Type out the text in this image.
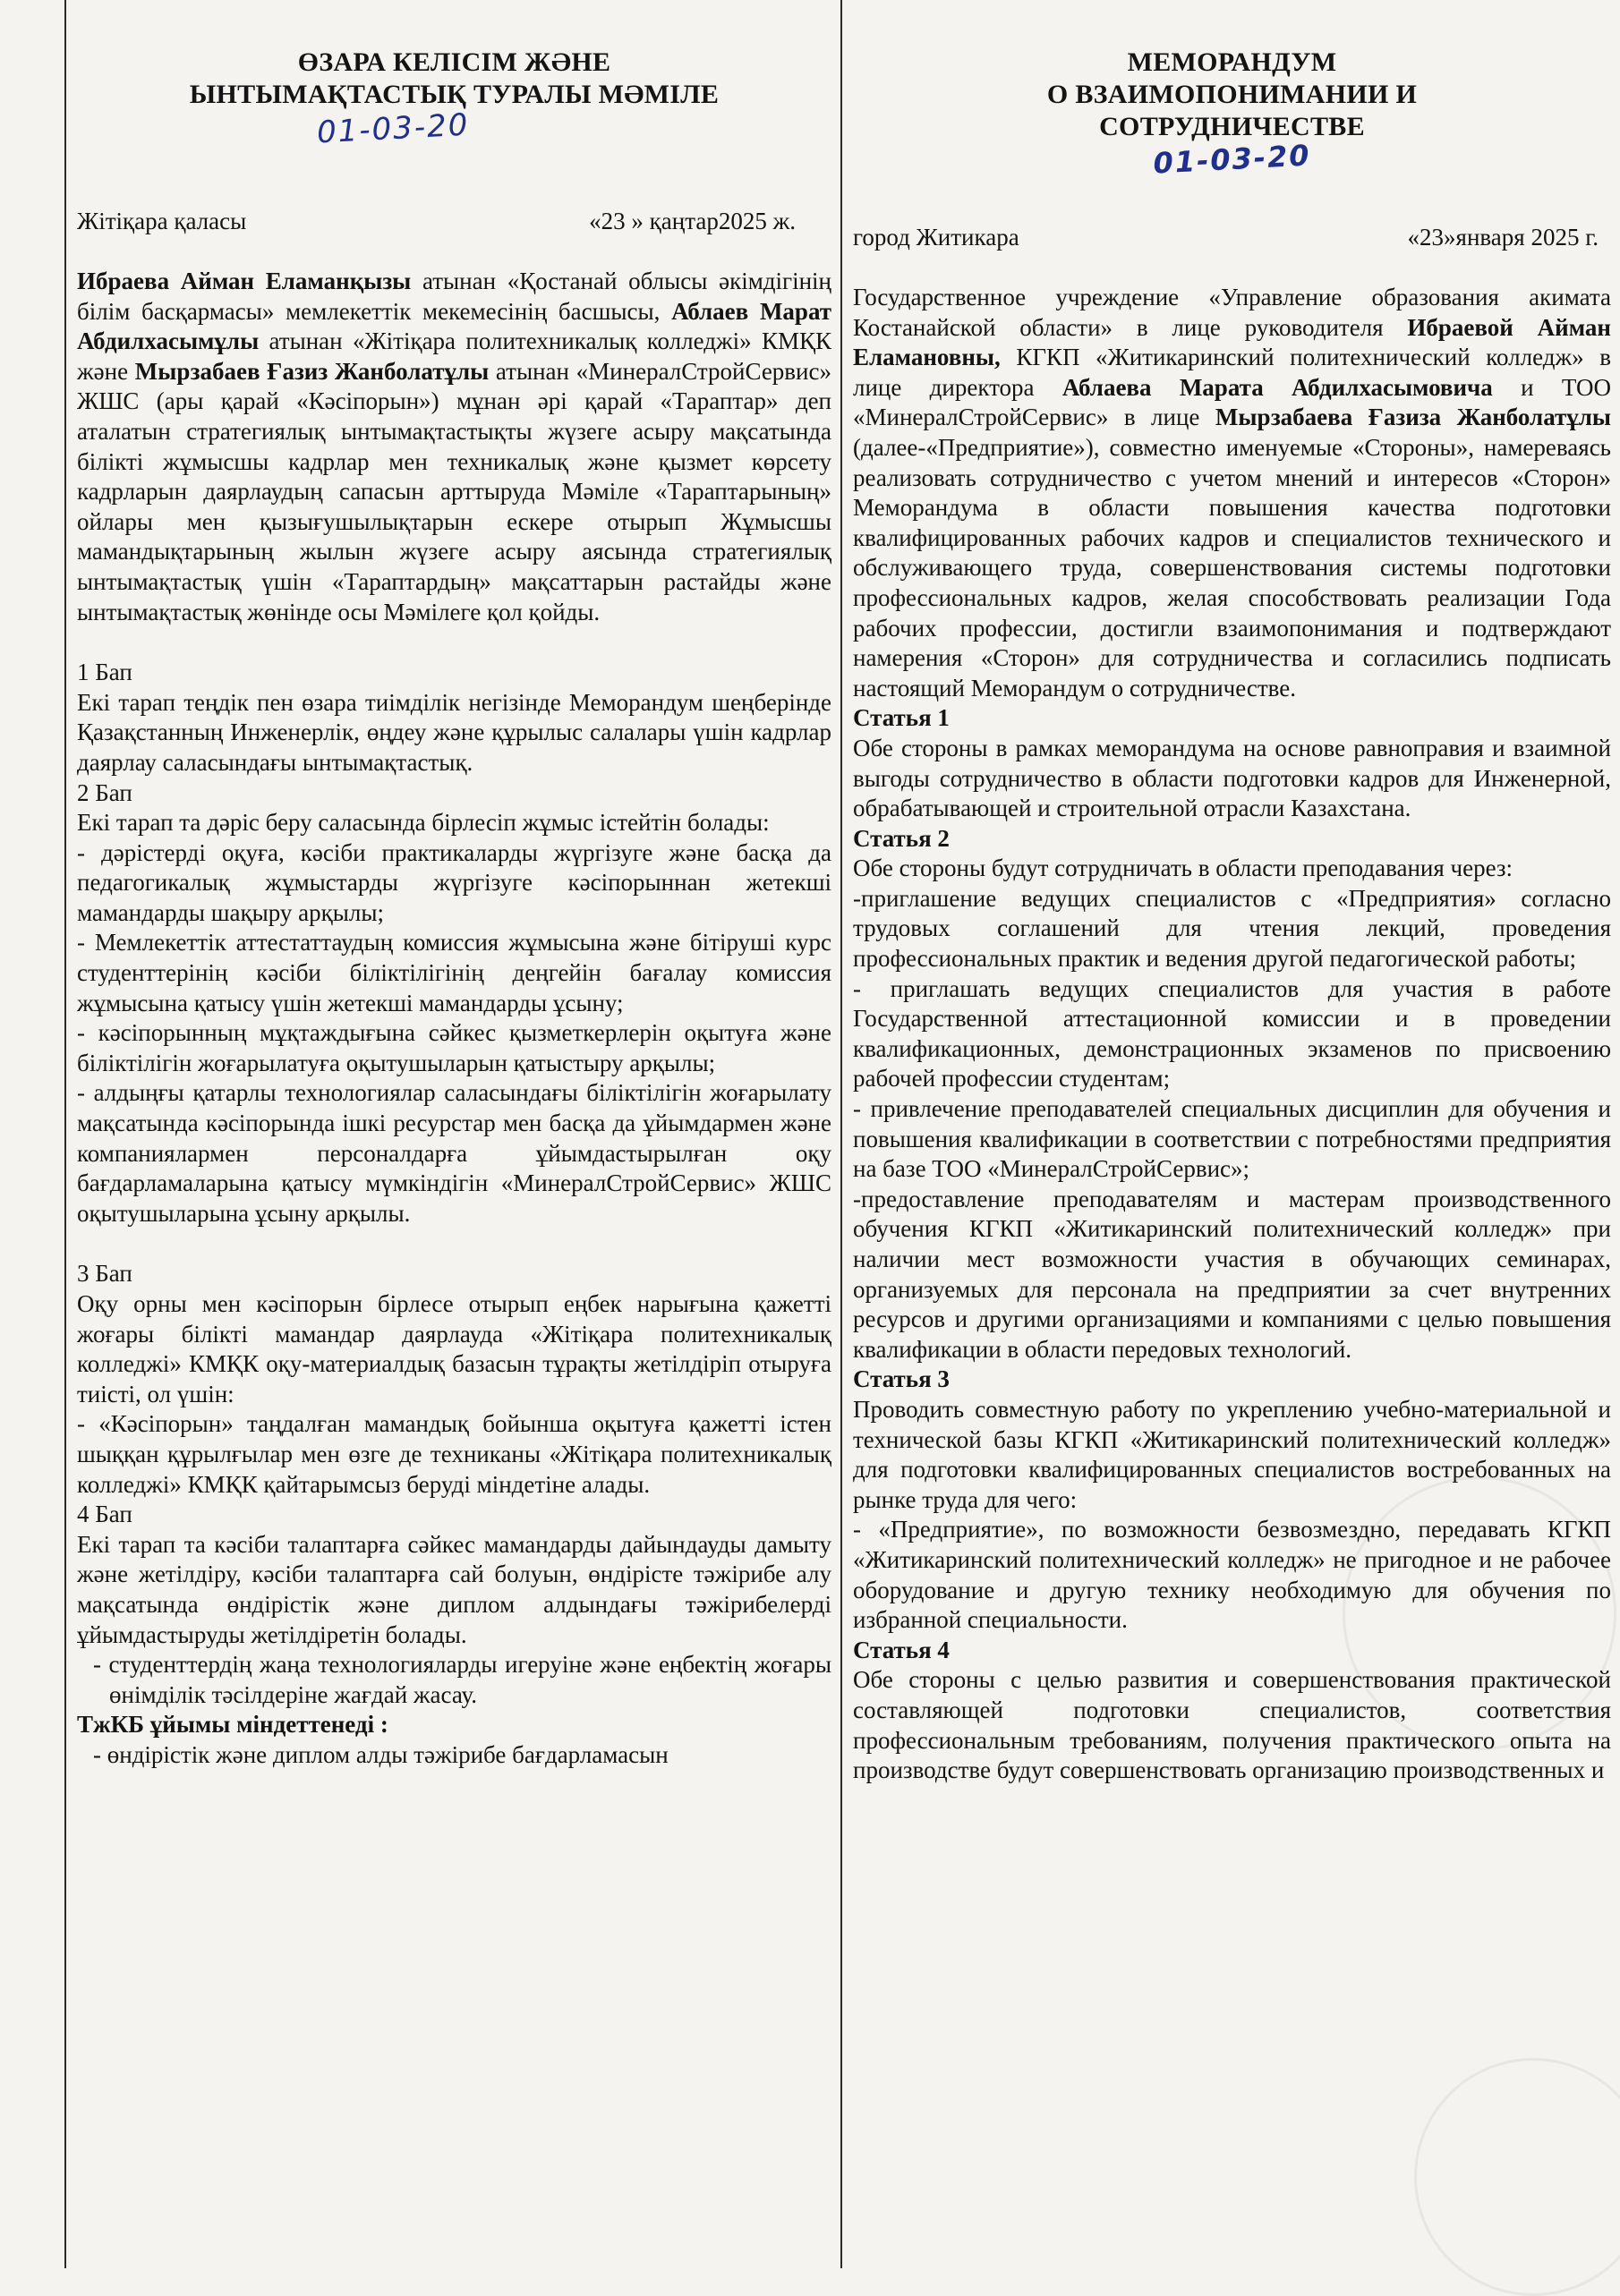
ӨЗАРА КЕЛІСІМ ЖӘНЕ
ЫНТЫМАҚТАСТЫҚ ТУРАЛЫ МӘМІЛЕ
01-03-20
Жітіқара қаласы	«23 » қаңтар2025 ж.

Ибраева Айман Еламанқызы атынан «Қостанай облысы әкімдігінің білім басқармасы» мемлекеттік мекемесінің басшысы, Аблаев Марат Абдилхасымұлы атынан «Жітіқара политехникалық колледжі» КМҚК және Мырзабаев Ғазиз Жанболатұлы атынан «МинералСтройСервис» ЖШС (ары қарай «Кәсіпорын») мұнан әрі қарай «Тараптар» деп аталатын стратегиялық ынтымақтастықты жүзеге асыру мақсатында білікті жұмысшы кадрлар мен техникалық және қызмет көрсету кадрларын даярлаудың сапасын арттыруда Мәміле «Тараптарының» ойлары мен қызығушылықтарын ескере отырып Жұмысшы мамандықтарының жылын жүзеге асыру аясында стратегиялық ынтымақтастық үшін «Тараптардың» мақсаттарын растайды және ынтымақтастық жөнінде осы Мәмілеге қол қойды.

1 Бап

Екі тарап теңдік пен өзара тиімділік негізінде Меморандум шеңберінде Қазақстанның Инженерлік, өңдеу және құрылыс салалары үшін кадрлар даярлау саласындағы ынтымақтастық.

2 Бап

Екі тарап та дәріс беру саласында бірлесіп жұмыс істейтін болады:

- дәрістерді оқуға, кәсіби практикаларды жүргізуге және басқа да педагогикалық жұмыстарды жүргізуге кәсіпорыннан жетекші мамандарды шақыру арқылы;

- Мемлекеттік аттестаттаудың комиссия жұмысына және бітіруші курс студенттерінің кәсіби біліктілігінің деңгейін бағалау комиссия жұмысына қатысу үшін жетекші мамандарды ұсыну;

- кәсіпорынның мұқтаждығына сәйкес қызметкерлерін оқытуға және біліктілігін жоғарылатуға оқытушыларын қатыстыру арқылы;

- алдыңғы қатарлы технологиялар саласындағы біліктілігін жоғарылату мақсатында кәсіпорында ішкі ресурстар мен басқа да ұйымдармен және компаниялармен персоналдарға ұйымдастырылған оқу бағдарламаларына қатысу мүмкіндігін «МинералСтройСервис» ЖШС оқытушыларына ұсыну арқылы.

3 Бап

Оқу орны мен кәсіпорын бірлесе отырып еңбек нарығына қажетті жоғары білікті мамандар даярлауда «Жітіқара политехникалық колледжі» КМҚК оқу-материалдық базасын тұрақты жетілдіріп отыруға тиісті, ол үшін:

- «Кәсіпорын» таңдалған мамандық бойынша оқытуға қажетті істен шыққан құрылғылар мен өзге де техниканы «Жітіқара политехникалық колледжі» КМҚК қайтарымсыз беруді міндетіне алады.

4 Бап

Екі тарап та кәсіби талаптарға сәйкес мамандарды дайындауды дамыту және жетілдіру, кәсіби талаптарға сай болуын, өндірісте тәжірибе алу мақсатында өндірістік және диплом алдындағы тәжірибелерді ұйымдастыруды жетілдіретін болады.

- студенттердің жаңа технологияларды игеруіне және еңбектің жоғары өнімділік тәсілдеріне жағдай жасау.

ТжКБ ұйымы міндеттенеді :

- өндірістік және диплом алды тәжірибе бағдарламасын

МЕМОРАНДУМ
О ВЗАИМОПОНИМАНИИ И
СОТРУДНИЧЕСТВЕ
01-03-20
город Житикара	«23»января 2025 г.

Государственное учреждение «Управление образования акимата Костанайской области» в лице руководителя Ибраевой Айман Еламановны, КГКП «Житикаринский политехнический колледж» в лице директора Аблаева Марата Абдилхасымовича и ТОО «МинералСтройСервис» в лице Мырзабаева Ғазиза Жанболатұлы (далее-«Предприятие»), совместно именуемые «Стороны», намереваясь реализовать сотрудничество с учетом мнений и интересов «Сторон» Меморандума в области повышения качества подготовки квалифицированных рабочих кадров и специалистов технического и обслуживающего труда, совершенствования системы подготовки профессиональных кадров, желая способствовать реализации Года рабочих профессии, достигли взаимопонимания и подтверждают намерения «Сторон» для сотрудничества и согласились подписать настоящий Меморандум о сотрудничестве.

Статья 1

Обе стороны в рамках меморандума на основе равноправия и взаимной выгоды сотрудничество в области подготовки кадров для Инженерной, обрабатывающей и строительной отрасли Казахстана.

Статья 2

Обе стороны будут сотрудничать в области преподавания через:

-приглашение ведущих специалистов с «Предприятия» согласно трудовых соглашений для чтения лекций, проведения профессиональных практик и ведения другой педагогической работы;

- приглашать ведущих специалистов для участия в работе Государственной аттестационной комиссии и в проведении квалификационных, демонстрационных экзаменов по присвоению рабочей профессии студентам;

- привлечение преподавателей специальных дисциплин для обучения и повышения квалификации в соответствии с потребностями предприятия на базе ТОО «МинералСтройСервис»;

-предоставление преподавателям и мастерам производственного обучения КГКП «Житикаринский политехнический колледж» при наличии мест возможности участия в обучающих семинарах, организуемых для персонала на предприятии за счет внутренних ресурсов и другими организациями и компаниями с целью повышения квалификации в области передовых технологий.

Статья 3

Проводить совместную работу по укреплению учебно-материальной и технической базы КГКП «Житикаринский политехнический колледж» для подготовки квалифицированных специалистов востребованных на рынке труда для чего:

- «Предприятие», по возможности безвозмездно, передавать КГКП «Житикаринский политехнический колледж» не пригодное и не рабочее оборудование и другую технику необходимую для обучения по избранной специальности.

Статья 4

Обе стороны с целью развития и совершенствования практической составляющей подготовки специалистов, соответствия профессиональным требованиям, получения практического опыта на производстве будут совершенствовать организацию производственных и
